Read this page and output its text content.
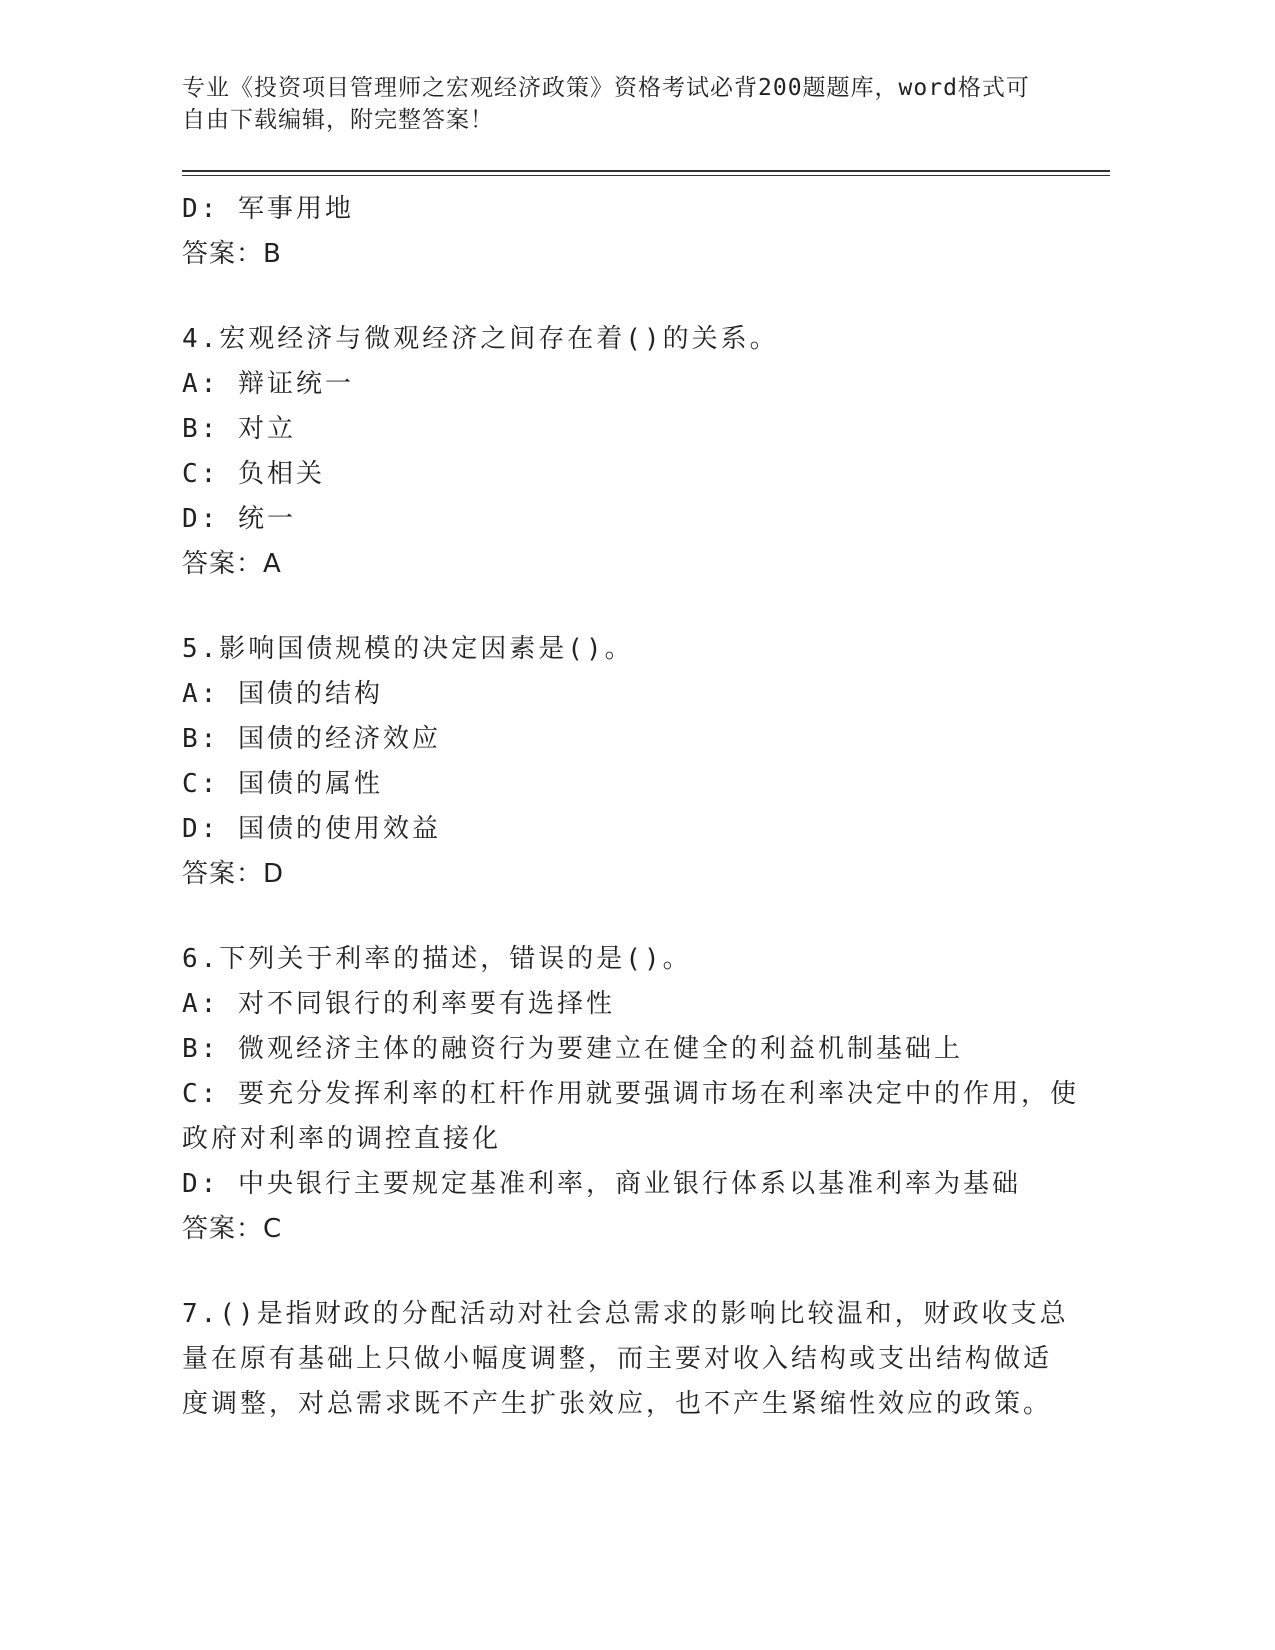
专业《投资项目管理师之宏观经济政策》资格考试必背200题题库，word格式可
自由下载编辑，附完整答案！
D: 军事用地
答案：B
4.宏观经济与微观经济之间存在着()的关系。
A: 辩证统一
B: 对立
C: 负相关
D: 统一
答案：A
5.影响国债规模的决定因素是()。
A: 国债的结构
B: 国债的经济效应
C: 国债的属性
D: 国债的使用效益
答案：D
6.下列关于利率的描述，错误的是()。
A: 对不同银行的利率要有选择性
B: 微观经济主体的融资行为要建立在健全的利益机制基础上
C: 要充分发挥利率的杠杆作用就要强调市场在利率决定中的作用，使
政府对利率的调控直接化
D: 中央银行主要规定基准利率，商业银行体系以基准利率为基础
答案：C
7.()是指财政的分配活动对社会总需求的影响比较温和，财政收支总
量在原有基础上只做小幅度调整，而主要对收入结构或支出结构做适
度调整，对总需求既不产生扩张效应，也不产生紧缩性效应的政策。
